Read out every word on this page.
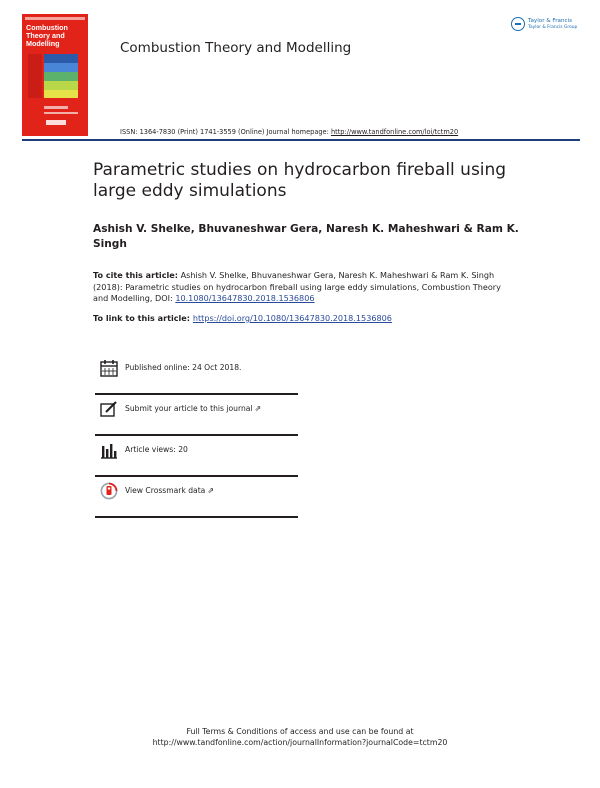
Combustion Theory and Modelling	Combustion Theory and Modelling
Taylor & Francis
Taylor & Francis Group
ISSN: 1364-7830 (Print) 1741-3559 (Online) Journal homepage: http://www.tandfonline.com/loi/tctm20
Parametric studies on hydrocarbon fireball using large eddy simulations
Ashish V. Shelke, Bhuvaneshwar Gera, Naresh K. Maheshwari & Ram K. Singh
To cite this article: Ashish V. Shelke, Bhuvaneshwar Gera, Naresh K. Maheshwari & Ram K. Singh (2018): Parametric studies on hydrocarbon fireball using large eddy simulations, Combustion Theory and Modelling, DOI: 10.1080/13647830.2018.1536806
To link to this article: https://doi.org/10.1080/13647830.2018.1536806
Published online: 24 Oct 2018.
Submit your article to this journal ⇗
Article views: 20
View Crossmark data ⇗
Full Terms & Conditions of access and use can be found at
http://www.tandfonline.com/action/journalInformation?journalCode=tctm20
